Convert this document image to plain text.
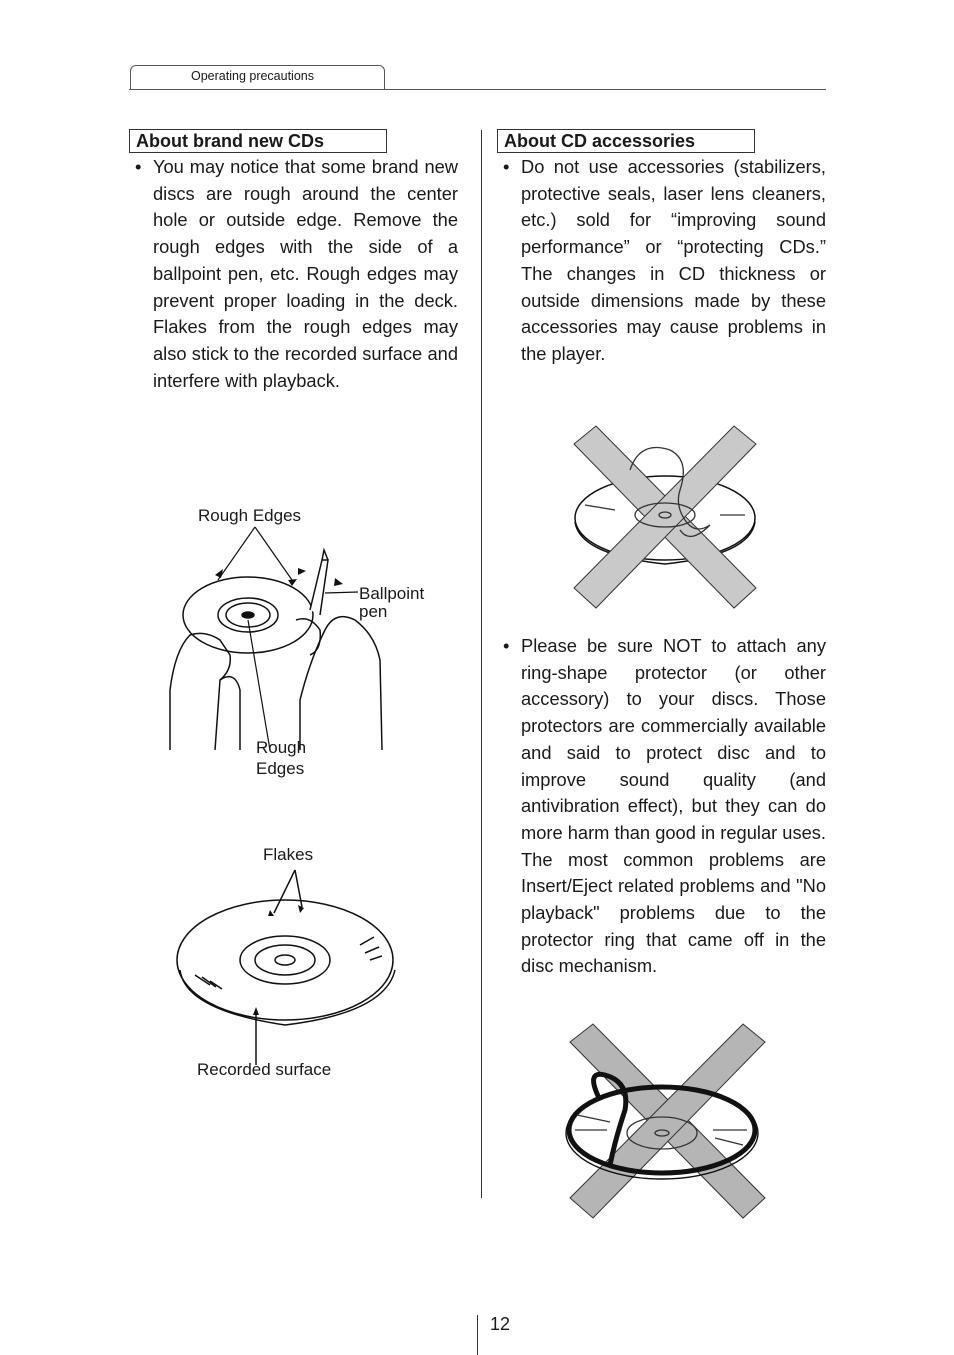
Operating precautions
About brand new CDs
• You may notice that some brand new discs are rough around the center hole or outside edge. Remove the rough edges with the side of a ballpoint pen, etc. Rough edges may prevent proper loading in the deck. Flakes from the rough edges may also stick to the recorded surface and interfere with playback.
Rough Edges
Ballpoint
pen
Rough
Edges
Flakes
Recorded surface
About CD accessories
• Do not use accessories (stabilizers, protective seals, laser lens cleaners, etc.) sold for “improving sound performance” or “protecting CDs.” The changes in CD thickness or outside dimensions made by these accessories may cause problems in the player.
• Please be sure NOT to attach any ring-shape protector (or other accessory) to your discs. Those protectors are commercially available and said to protect disc and to improve sound quality (and antivibration effect), but they can do more harm than good in regular uses. The most common problems are Insert/Eject related problems and "No playback" problems due to the protector ring that came off in the disc mechanism.
12
